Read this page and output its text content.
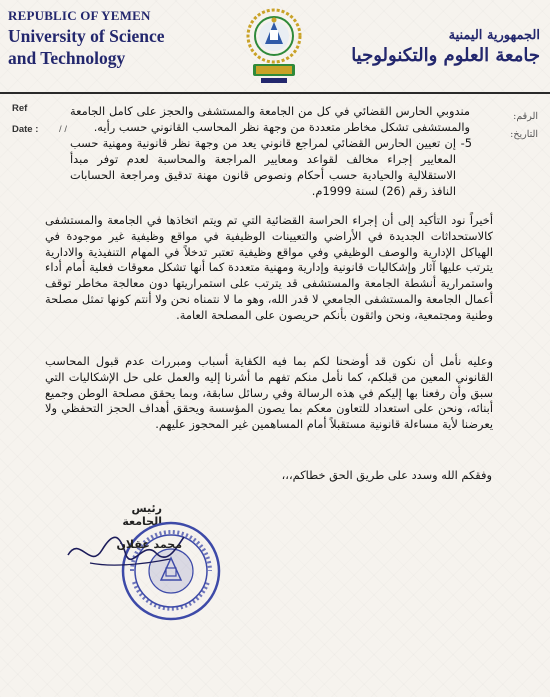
REPUBLIC OF YEMEN
University of Science
and Technology
الجمهورية اليمنية
جامعة العلوم والتكنولوجيا
Ref
Date : / /
الرقم:
التاريخ:

مندوبي الحارس القضائي في كل من الجامعة والمستشفى والحجز على كامل الجامعة والمستشفى تشكل مخاطر متعددة من وجهة نظر المحاسب القانوني حسب رأيه.

5-
إن تعيين الحارس القضائي لمراجع قانوني يعد من وجهة نظر قانونية ومهنية حسب المعايير إجراء مخالف لقواعد ومعايير المراجعة والمحاسبة لعدم توفر مبدأ الاستقلالية والحيادية حسب أحكام ونصوص قانون مهنة تدقيق ومراجعة الحسابات النافذ رقم (26) لسنة 1999م.

أخيراً نود التأكيد إلى أن إجراء الحراسة القضائية التي تم ويتم اتخاذها في الجامعة والمستشفى كالاستحداثات الجديدة في الأراضي والتعيينات الوظيفية في مواقع وظيفية غير موجودة في الهياكل الإدارية والوصف الوظيفي وفي مواقع وظيفية تعتبر تدخلاً في المهام التنفيذية والادارية يترتب عليها آثار وإشكاليات قانونية وإدارية ومهنية متعددة كما أنها تشكل معوقات فعلية أمام أداء واستمرارية أنشطة الجامعة والمستشفى قد يترتب على استمراريتها دون معالجة مخاطر توقف أعمال الجامعة والمستشفى الجامعي لا قدر الله، وهو ما لا نتمناه نحن ولا أنتم كونها تمثل مصلحة وطنية ومجتمعية، ونحن واثقون بأنكم حريصون على المصلحة العامة.

وعليه نأمل أن نكون قد أوضحنا لكم بما فيه الكفاية أسباب ومبررات عدم قبول المحاسب القانوني المعين من قبلكم، كما نأمل منكم تفهم ما أشرنا إليه والعمل على حل الإشكاليات التي سبق وأن رفعنا بها إليكم في هذه الرسالة وفي رسائل سابقة، وبما يحقق مصلحة الوطن وجميع أبنائه، ونحن على استعداد للتعاون معكم بما يصون المؤسسة ويحقق أهداف الحجز التحفظي ولا يعرضنا لأية مساءلة قانونية مستقبلاً أمام المساهمين غير المحجوز عليهم.

وفقكم الله وسدد على طريق الحق خطاكم،،،
رئيس الجامعة
محمد عقلان
